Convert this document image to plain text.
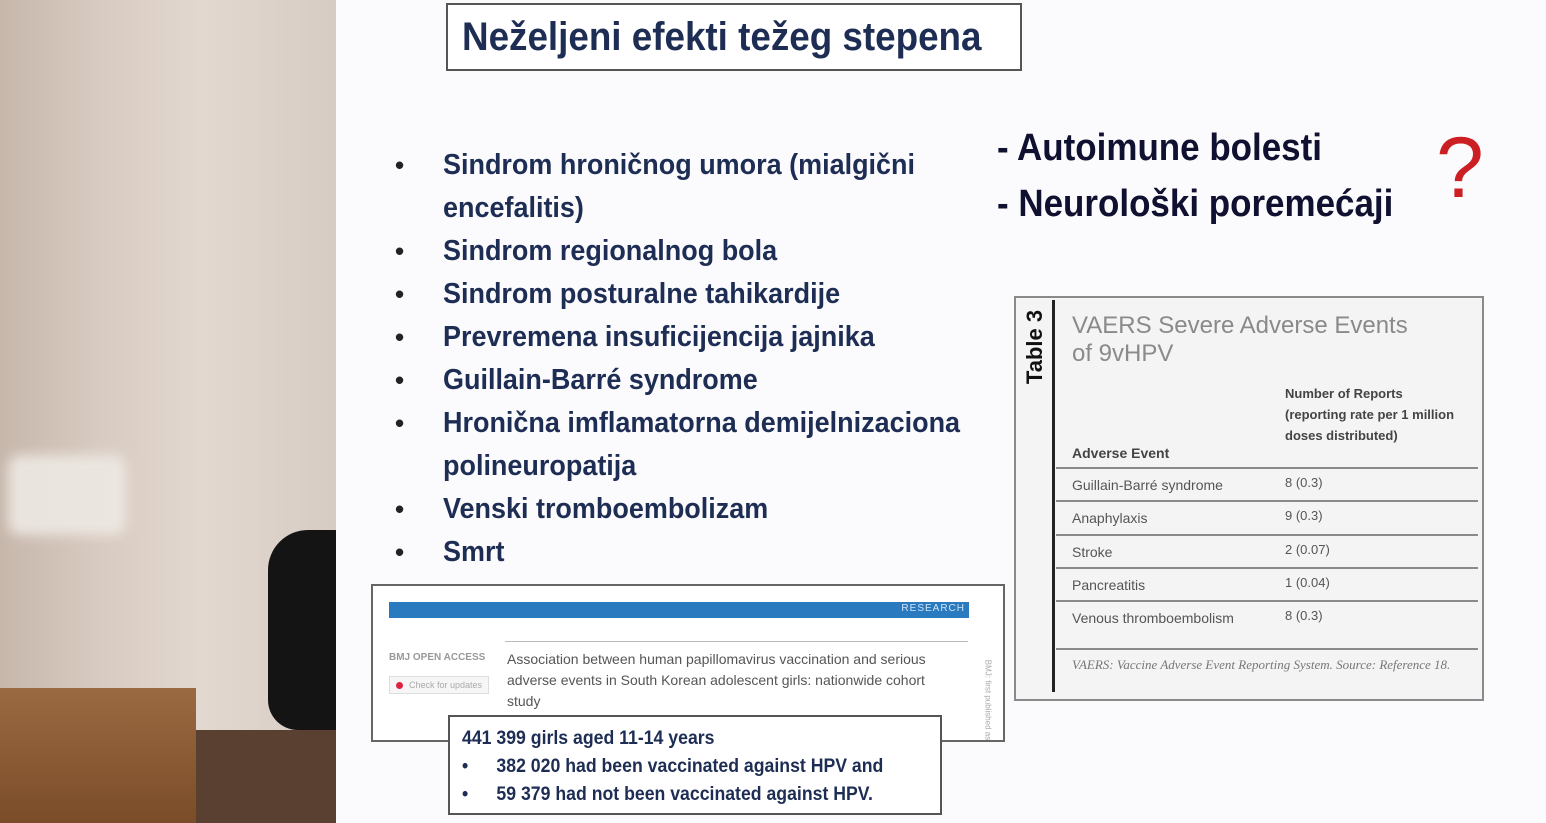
Neželjeni efekti težeg stepena
• Sindrom hroničnog umora (mialgični encefalitis)
• Sindrom regionalnog bola
• Sindrom posturalne tahikardije
• Prevremena insuficijencija jajnika
• Guillain-Barré syndrome
• Hronična imflamatorna demijelnizaciona polineuropatija
• Venski tromboembolizam
• Smrt
- Autoimune bolesti
- Neurološki poremećaji ?
Table 3 VAERS Severe Adverse Events of 9vHPV
Number of Reports (reporting rate per 1 million doses distributed)
Adverse Event
Guillain-Barré syndrome	8 (0.3)
Anaphylaxis	9 (0.3)
Stroke	2 (0.07)
Pancreatitis	1 (0.04)
Venous thromboembolism	8 (0.3)
VAERS: Vaccine Adverse Event Reporting System. Source: Reference 18.
RESEARCH
BMJ OPEN ACCESS
Check for updates
Association between human papillomavirus vaccination and serious adverse events in South Korean adolescent girls: nationwide cohort study	BMJ: first published as
441 399 girls aged 11-14 years
• 382 020 had been vaccinated against HPV and
• 59 379 had not been vaccinated against HPV.
